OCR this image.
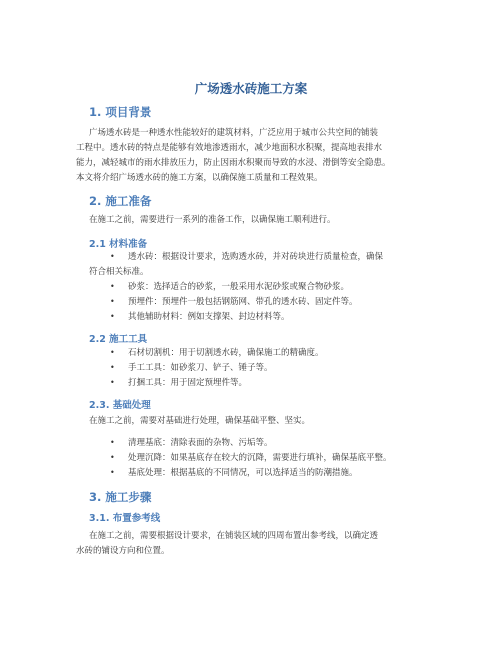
广场透水砖施工方案
1. 项目背景
广场透水砖是一种透水性能较好的建筑材料，广泛应用于城市公共空间的铺装
工程中。透水砖的特点是能够有效地渗透雨水，减少地面积水积聚，提高地表排水
能力，减轻城市的雨水排放压力，防止因雨水积聚而导致的水浸、滑倒等安全隐患。
本文将介绍广场透水砖的施工方案，以确保施工质量和工程效果。
2. 施工准备
在施工之前，需要进行一系列的准备工作，以确保施工顺利进行。
2.1 材料准备
• 透水砖：根据设计要求，选购透水砖，并对砖块进行质量检查，确保
符合相关标准。
• 砂浆：选择适合的砂浆，一般采用水泥砂浆或聚合物砂浆。
• 预埋件：预埋件一般包括钢筋网、带孔的透水砖、固定件等。
• 其他辅助材料：例如支撑架、封边材料等。
2.2 施工工具
• 石材切割机：用于切割透水砖，确保施工的精确度。
• 手工工具：如砂浆刀、铲子、锤子等。
• 打捆工具：用于固定预埋件等。
2.3. 基础处理
在施工之前，需要对基础进行处理，确保基础平整、坚实。
• 清理基底：清除表面的杂物、污垢等。
• 处理沉降：如果基底存在较大的沉降，需要进行填补，确保基底平整。
• 基底处理：根据基底的不同情况，可以选择适当的防潮措施。
3. 施工步骤
3.1. 布置参考线
在施工之前，需要根据设计要求，在铺装区域的四周布置出参考线，以确定透
水砖的铺设方向和位置。
